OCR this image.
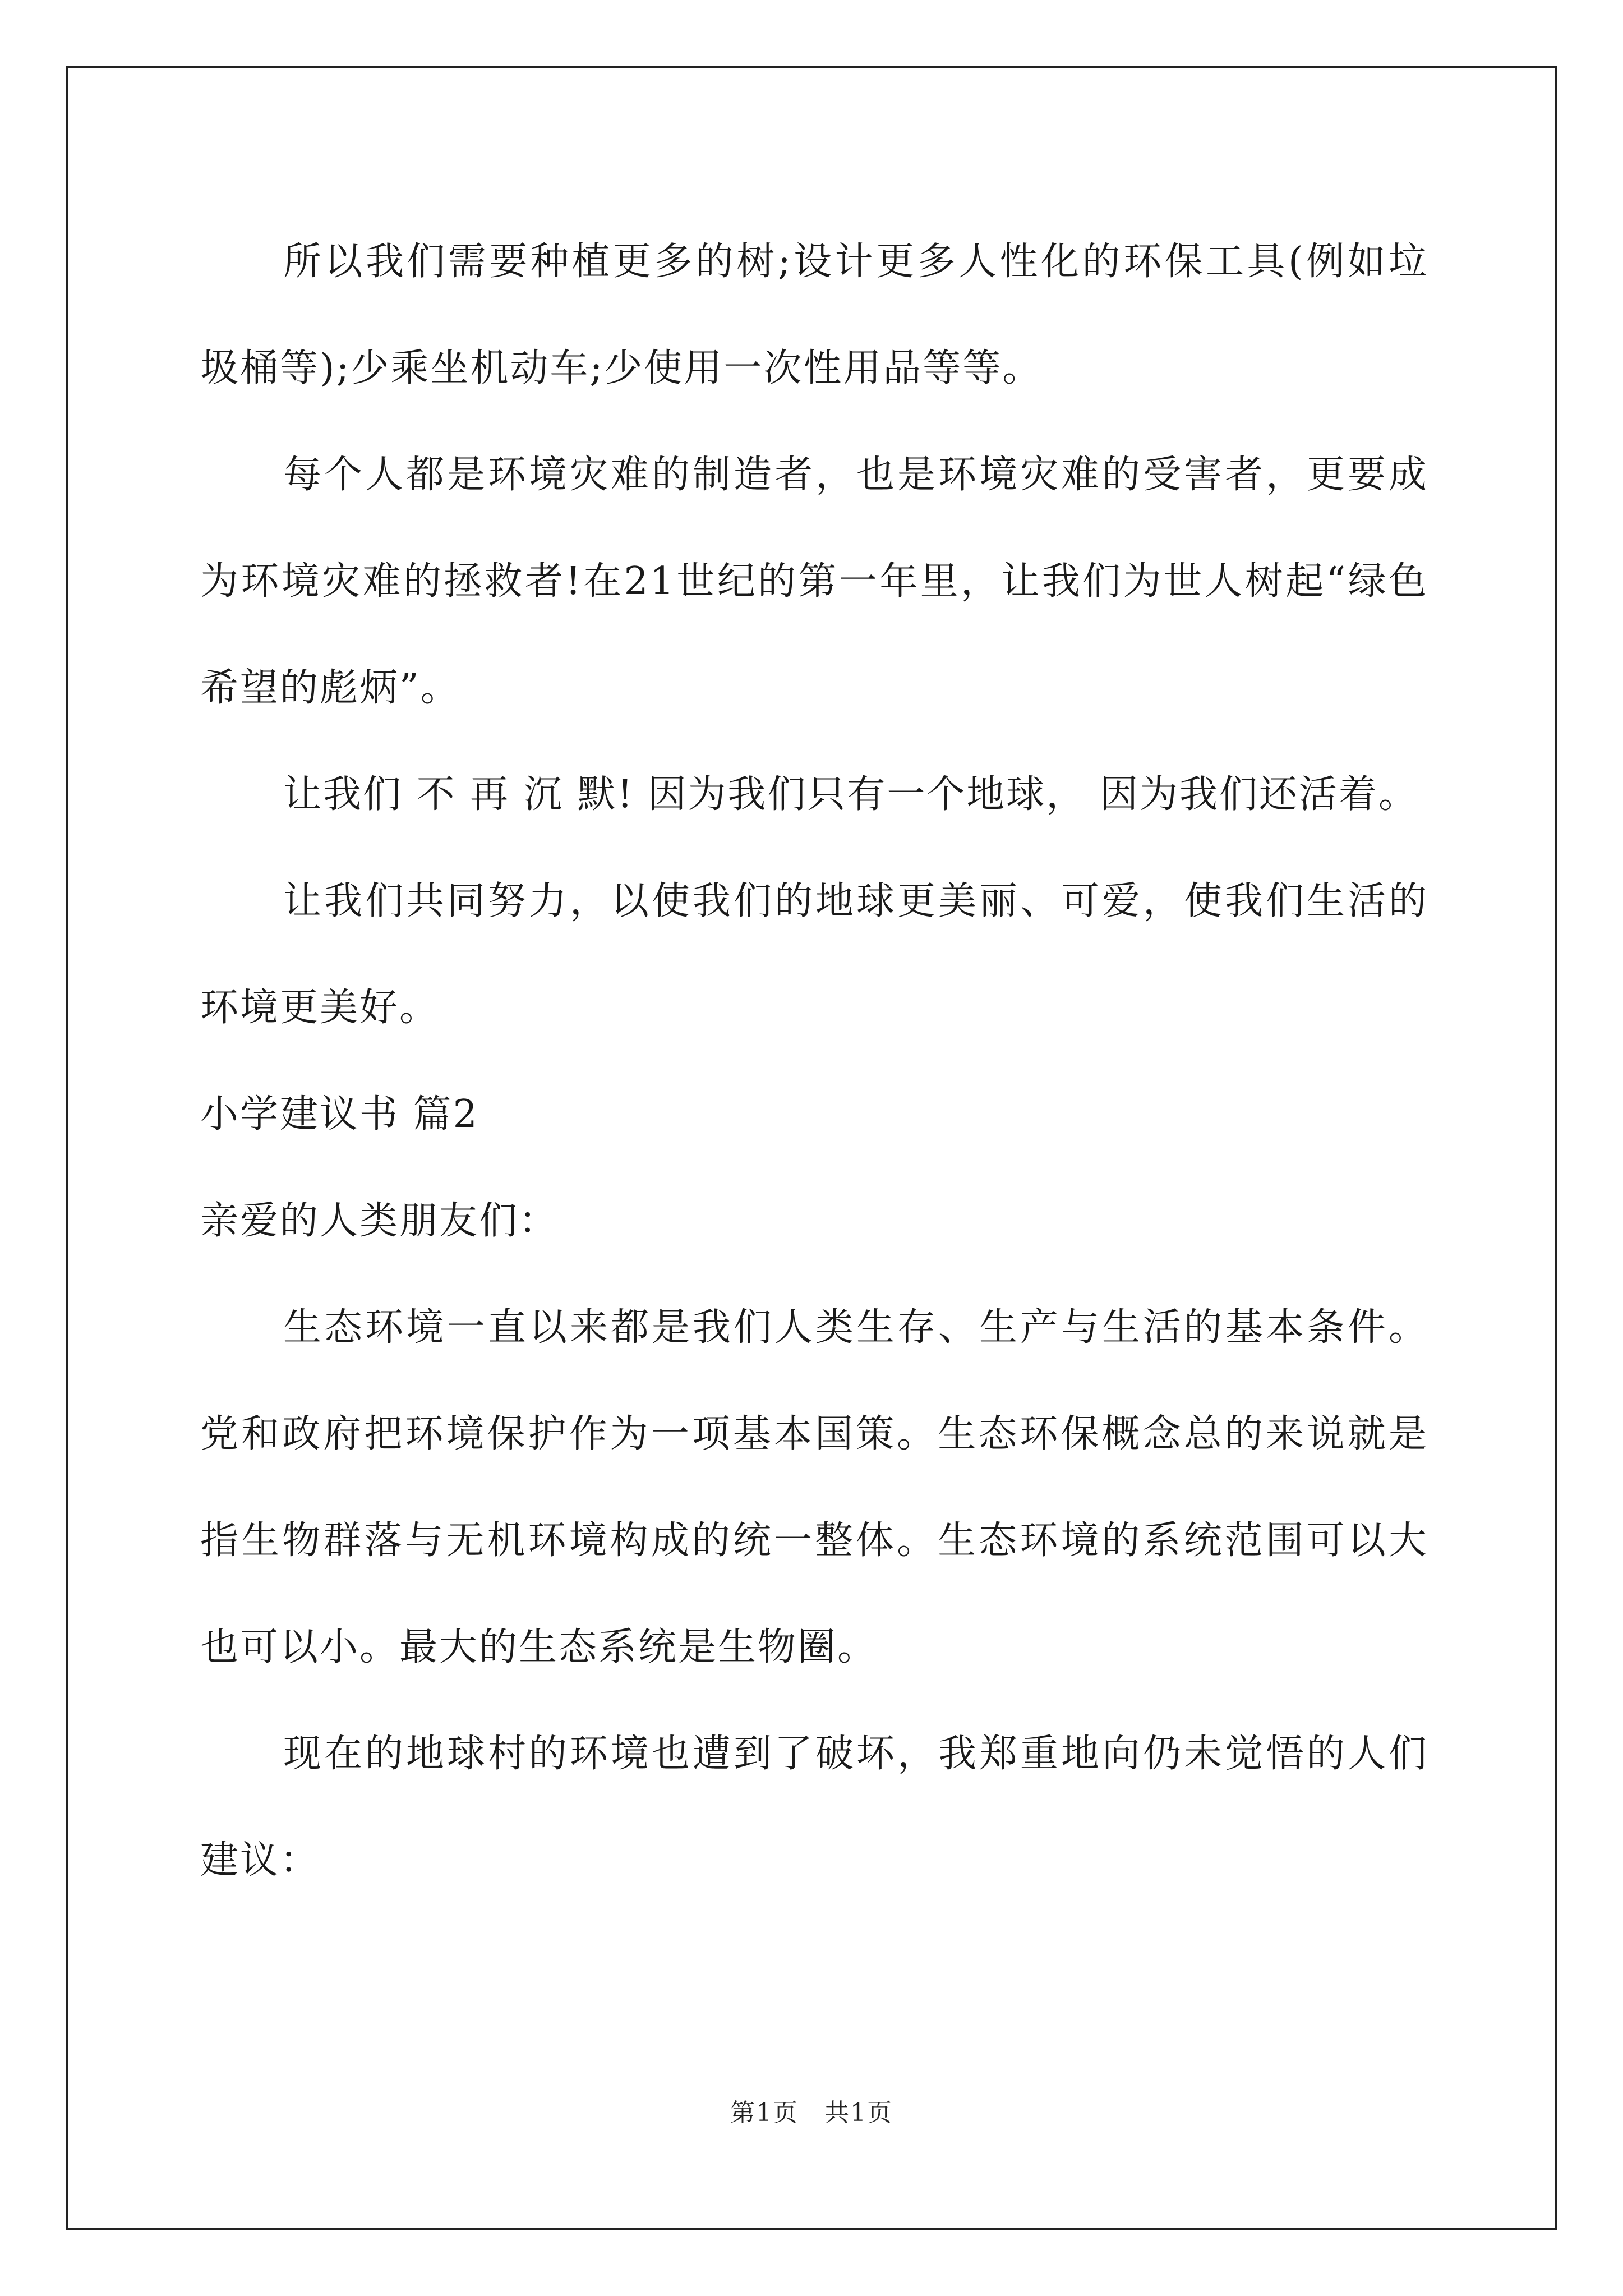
所以我们需要种植更多的树;设计更多人性化的环保工具(例如垃圾桶等);少乘坐机动车;少使用一次性用品等等。

每个人都是环境灾难的制造者，也是环境灾难的受害者，更要成为环境灾难的拯救者!在21世纪的第一年里，让我们为世人树起“绿色希望的彪炳”。

让我们 不 再 沉 默! 因为我们只有一个地球， 因为我们还活着。

让我们共同努力，以使我们的地球更美丽、可爱，使我们生活的环境更美好。

小学建议书 篇2

亲爱的人类朋友们：

生态环境一直以来都是我们人类生存、生产与生活的基本条件。党和政府把环境保护作为一项基本国策。生态环保概念总的来说就是指生物群落与无机环境构成的统一整体。生态环境的系统范围可以大也可以小。最大的生态系统是生物圈。

现在的地球村的环境也遭到了破坏，我郑重地向仍未觉悟的人们建议：

第1页　共1页
